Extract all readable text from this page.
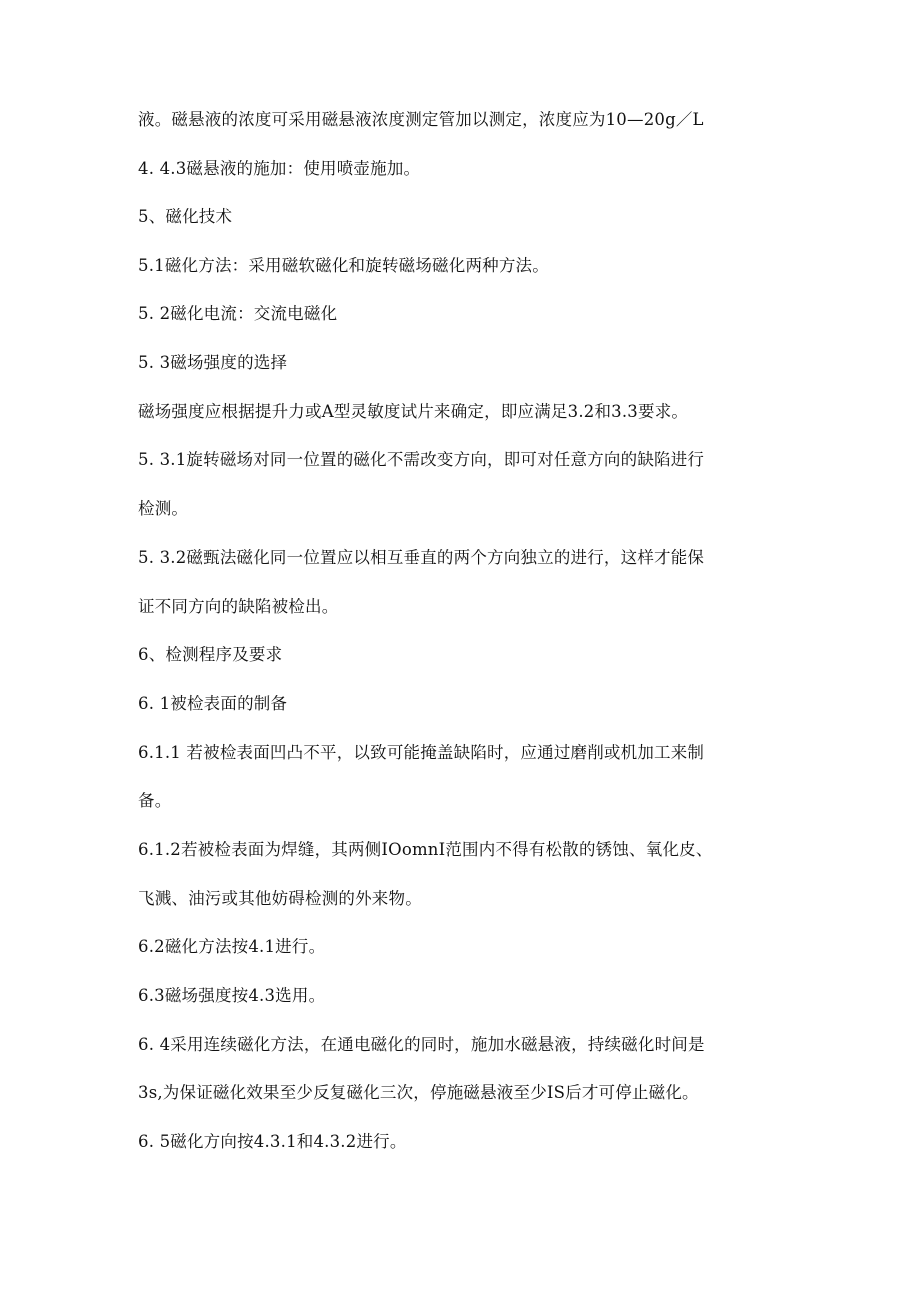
液。磁悬液的浓度可采用磁悬液浓度测定管加以测定，浓度应为10—20g／L
4. 4.3磁悬液的施加：使用喷壶施加。
5、磁化技术
5.1磁化方法：采用磁软磁化和旋转磁场磁化两种方法。
5. 2磁化电流：交流电磁化
5. 3磁场强度的选择
磁场强度应根据提升力或A型灵敏度试片来确定，即应满足3.2和3.3要求。
5. 3.1旋转磁场对同一位置的磁化不需改变方向，即可对任意方向的缺陷进行
检测。
5. 3.2磁甄法磁化同一位置应以相互垂直的两个方向独立的进行，这样才能保
证不同方向的缺陷被检出。
6、检测程序及要求
6. 1被检表面的制备
6.1.1 若被检表面凹凸不平，以致可能掩盖缺陷时，应通过磨削或机加工来制
备。
6.1.2若被检表面为焊缝，其两侧IOomnI范围内不得有松散的锈蚀、氧化皮、
飞溅、油污或其他妨碍检测的外来物。
6.2磁化方法按4.1进行。
6.3磁场强度按4.3选用。
6. 4采用连续磁化方法，在通电磁化的同时，施加水磁悬液，持续磁化时间是
3s,为保证磁化效果至少反复磁化三次，停施磁悬液至少IS后才可停止磁化。
6. 5磁化方向按4.3.1和4.3.2进行。
